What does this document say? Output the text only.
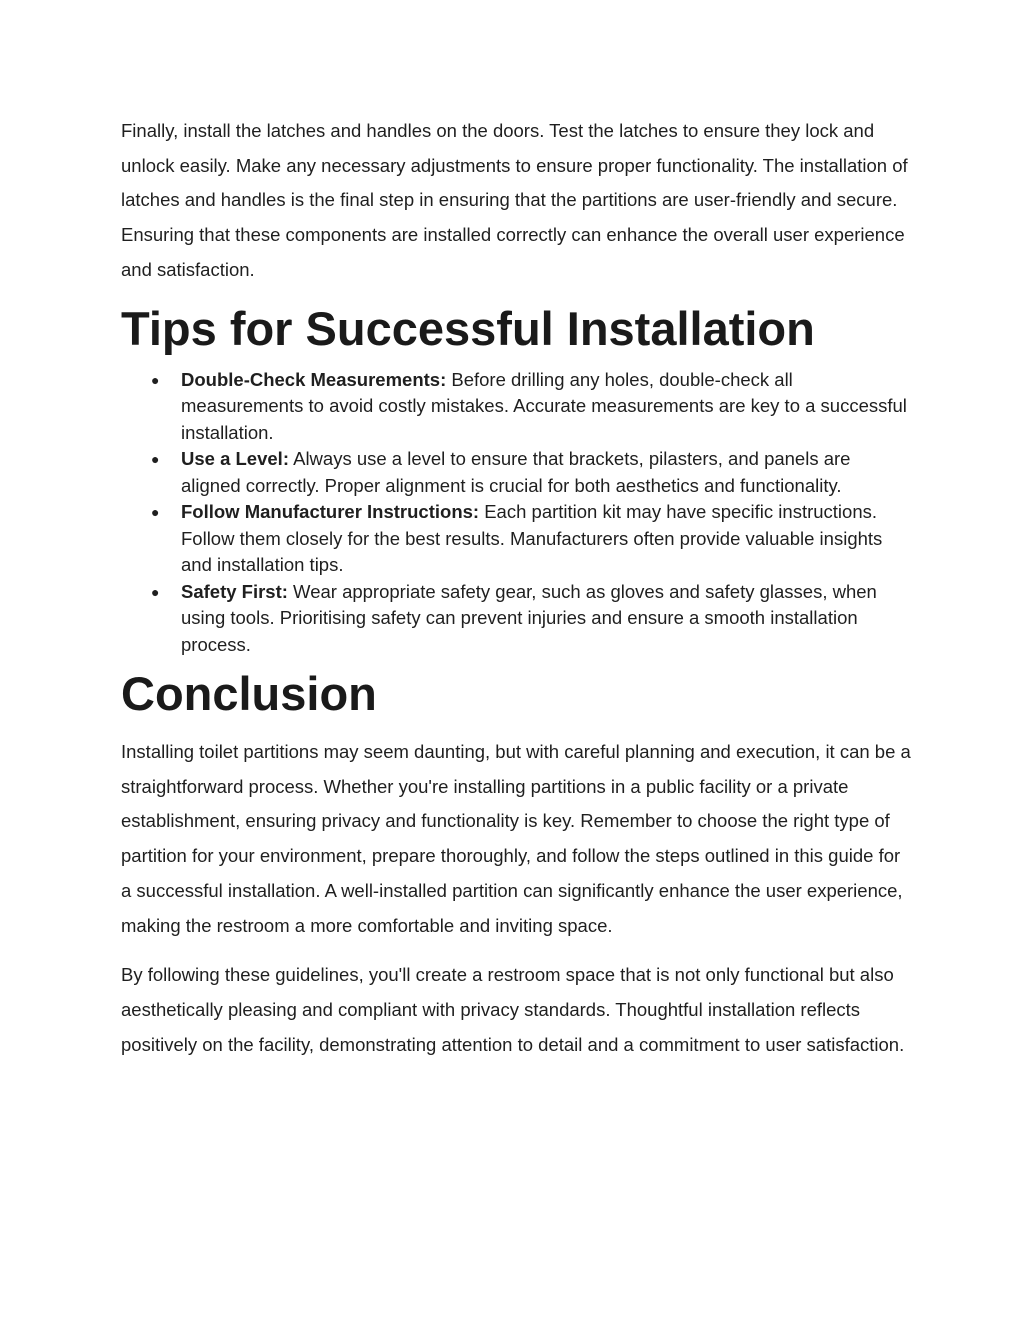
Finally, install the latches and handles on the doors. Test the latches to ensure they lock and unlock easily. Make any necessary adjustments to ensure proper functionality. The installation of latches and handles is the final step in ensuring that the partitions are user-friendly and secure. Ensuring that these components are installed correctly can enhance the overall user experience and satisfaction.

Tips for Successful Installation
● Double-Check Measurements: Before drilling any holes, double-check all measurements to avoid costly mistakes. Accurate measurements are key to a successful installation.
● Use a Level: Always use a level to ensure that brackets, pilasters, and panels are aligned correctly. Proper alignment is crucial for both aesthetics and functionality.
● Follow Manufacturer Instructions: Each partition kit may have specific instructions. Follow them closely for the best results. Manufacturers often provide valuable insights and installation tips.
● Safety First: Wear appropriate safety gear, such as gloves and safety glasses, when using tools. Prioritising safety can prevent injuries and ensure a smooth installation process.
Conclusion

Installing toilet partitions may seem daunting, but with careful planning and execution, it can be a straightforward process. Whether you're installing partitions in a public facility or a private establishment, ensuring privacy and functionality is key. Remember to choose the right type of partition for your environment, prepare thoroughly, and follow the steps outlined in this guide for a successful installation. A well-installed partition can significantly enhance the user experience, making the restroom a more comfortable and inviting space.

By following these guidelines, you'll create a restroom space that is not only functional but also aesthetically pleasing and compliant with privacy standards. Thoughtful installation reflects positively on the facility, demonstrating attention to detail and a commitment to user satisfaction.
